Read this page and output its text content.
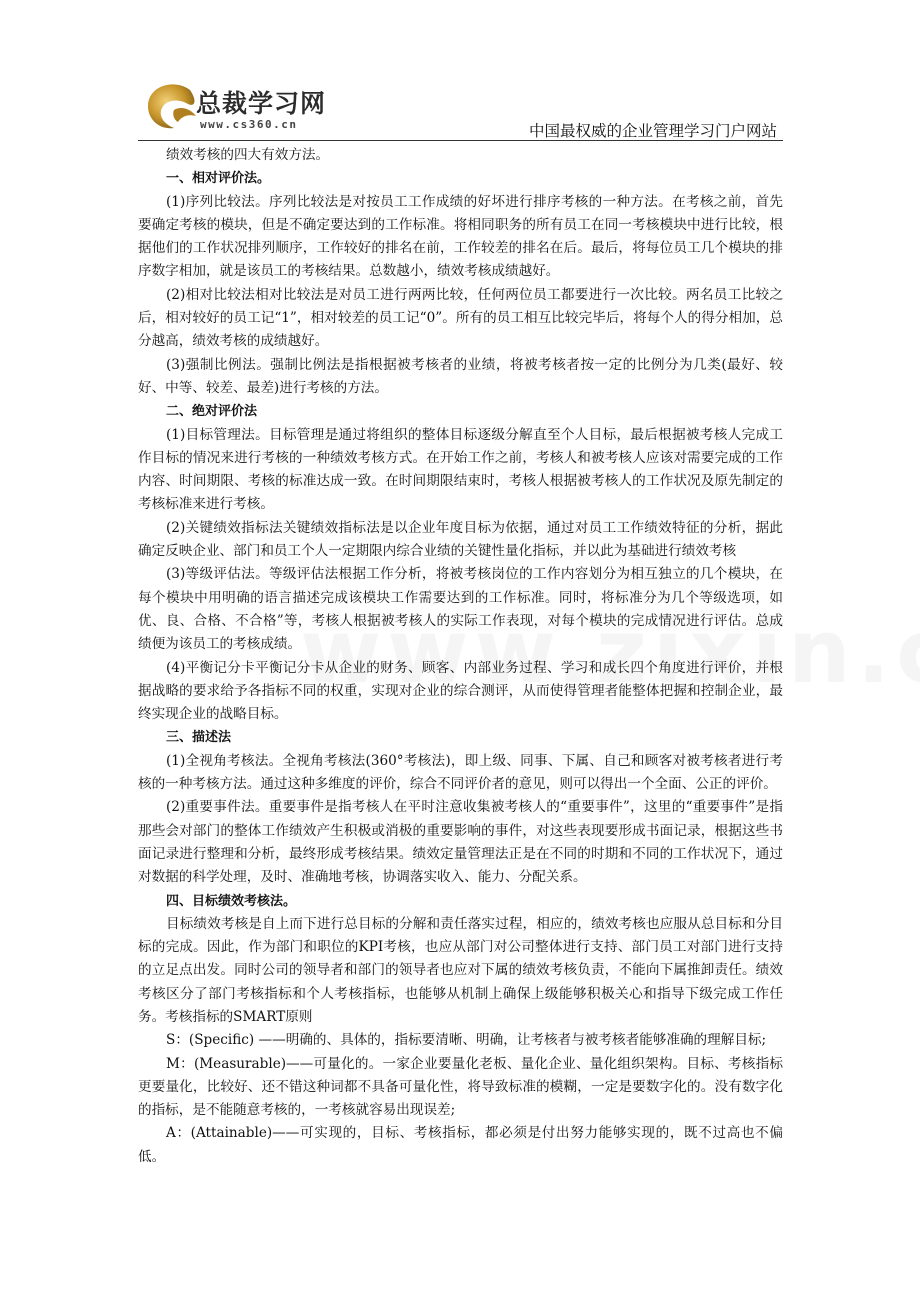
总裁学习网
www.cs360.cn	中国最权威的企业管理学习门户网站

绩效考核的四大有效方法。

一、相对评价法。

(1)序列比较法。序列比较法是对按员工工作成绩的好坏进行排序考核的一种方法。在考核之前，首先要确定考核的模块，但是不确定要达到的工作标准。将相同职务的所有员工在同一考核模块中进行比较，根据他们的工作状况排列顺序，工作较好的排名在前，工作较差的排名在后。最后，将每位员工几个模块的排序数字相加，就是该员工的考核结果。总数越小，绩效考核成绩越好。

(2)相对比较法相对比较法是对员工进行两两比较，任何两位员工都要进行一次比较。两名员工比较之后，相对较好的员工记“1”，相对较差的员工记“0”。所有的员工相互比较完毕后，将每个人的得分相加，总分越高，绩效考核的成绩越好。

(3)强制比例法。强制比例法是指根据被考核者的业绩，将被考核者按一定的比例分为几类(最好、较好、中等、较差、最差)进行考核的方法。

二、绝对评价法

(1)目标管理法。目标管理是通过将组织的整体目标逐级分解直至个人目标，最后根据被考核人完成工作目标的情况来进行考核的一种绩效考核方式。在开始工作之前，考核人和被考核人应该对需要完成的工作内容、时间期限、考核的标准达成一致。在时间期限结束时，考核人根据被考核人的工作状况及原先制定的考核标准来进行考核。

(2)关键绩效指标法关键绩效指标法是以企业年度目标为依据，通过对员工工作绩效特征的分析，据此确定反映企业、部门和员工个人一定期限内综合业绩的关键性量化指标，并以此为基础进行绩效考核

(3)等级评估法。等级评估法根据工作分析，将被考核岗位的工作内容划分为相互独立的几个模块，在每个模块中用明确的语言描述完成该模块工作需要达到的工作标准。同时，将标准分为几个等级选项，如优、良、合格、不合格”等，考核人根据被考核人的实际工作表现，对每个模块的完成情况进行评估。总成绩便为该员工的考核成绩。

(4)平衡记分卡平衡记分卡从企业的财务、顾客、内部业务过程、学习和成长四个角度进行评价，并根据战略的要求给予各指标不同的权重，实现对企业的综合测评，从而使得管理者能整体把握和控制企业，最终实现企业的战略目标。

三、描述法

(1)全视角考核法。全视角考核法(360°考核法)，即上级、同事、下属、自己和顾客对被考核者进行考核的一种考核方法。通过这种多维度的评价，综合不同评价者的意见，则可以得出一个全面、公正的评价。

(2)重要事件法。重要事件是指考核人在平时注意收集被考核人的“重要事件”，这里的“重要事件”是指那些会对部门的整体工作绩效产生积极或消极的重要影响的事件，对这些表现要形成书面记录，根据这些书面记录进行整理和分析，最终形成考核结果。绩效定量管理法正是在不同的时期和不同的工作状况下，通过对数据的科学处理，及时、准确地考核，协调落实收入、能力、分配关系。

四、目标绩效考核法。

目标绩效考核是自上而下进行总目标的分解和责任落实过程，相应的，绩效考核也应服从总目标和分目标的完成。因此，作为部门和职位的KPI考核，也应从部门对公司整体进行支持、部门员工对部门进行支持的立足点出发。同时公司的领导者和部门的领导者也应对下属的绩效考核负责，不能向下属推卸责任。绩效考核区分了部门考核指标和个人考核指标，也能够从机制上确保上级能够积极关心和指导下级完成工作任务。考核指标的SMART原则

S：(Specific) ——明确的、具体的，指标要清晰、明确，让考核者与被考核者能够准确的理解目标;

M：(Measurable)——可量化的。一家企业要量化老板、量化企业、量化组织架构。目标、考核指标更要量化，比较好、还不错这种词都不具备可量化性，将导致标准的模糊，一定是要数字化的。没有数字化的指标，是不能随意考核的，一考核就容易出现误差;

A：(Attainable)——可实现的，目标、考核指标，都必须是付出努力能够实现的，既不过高也不偏低。
